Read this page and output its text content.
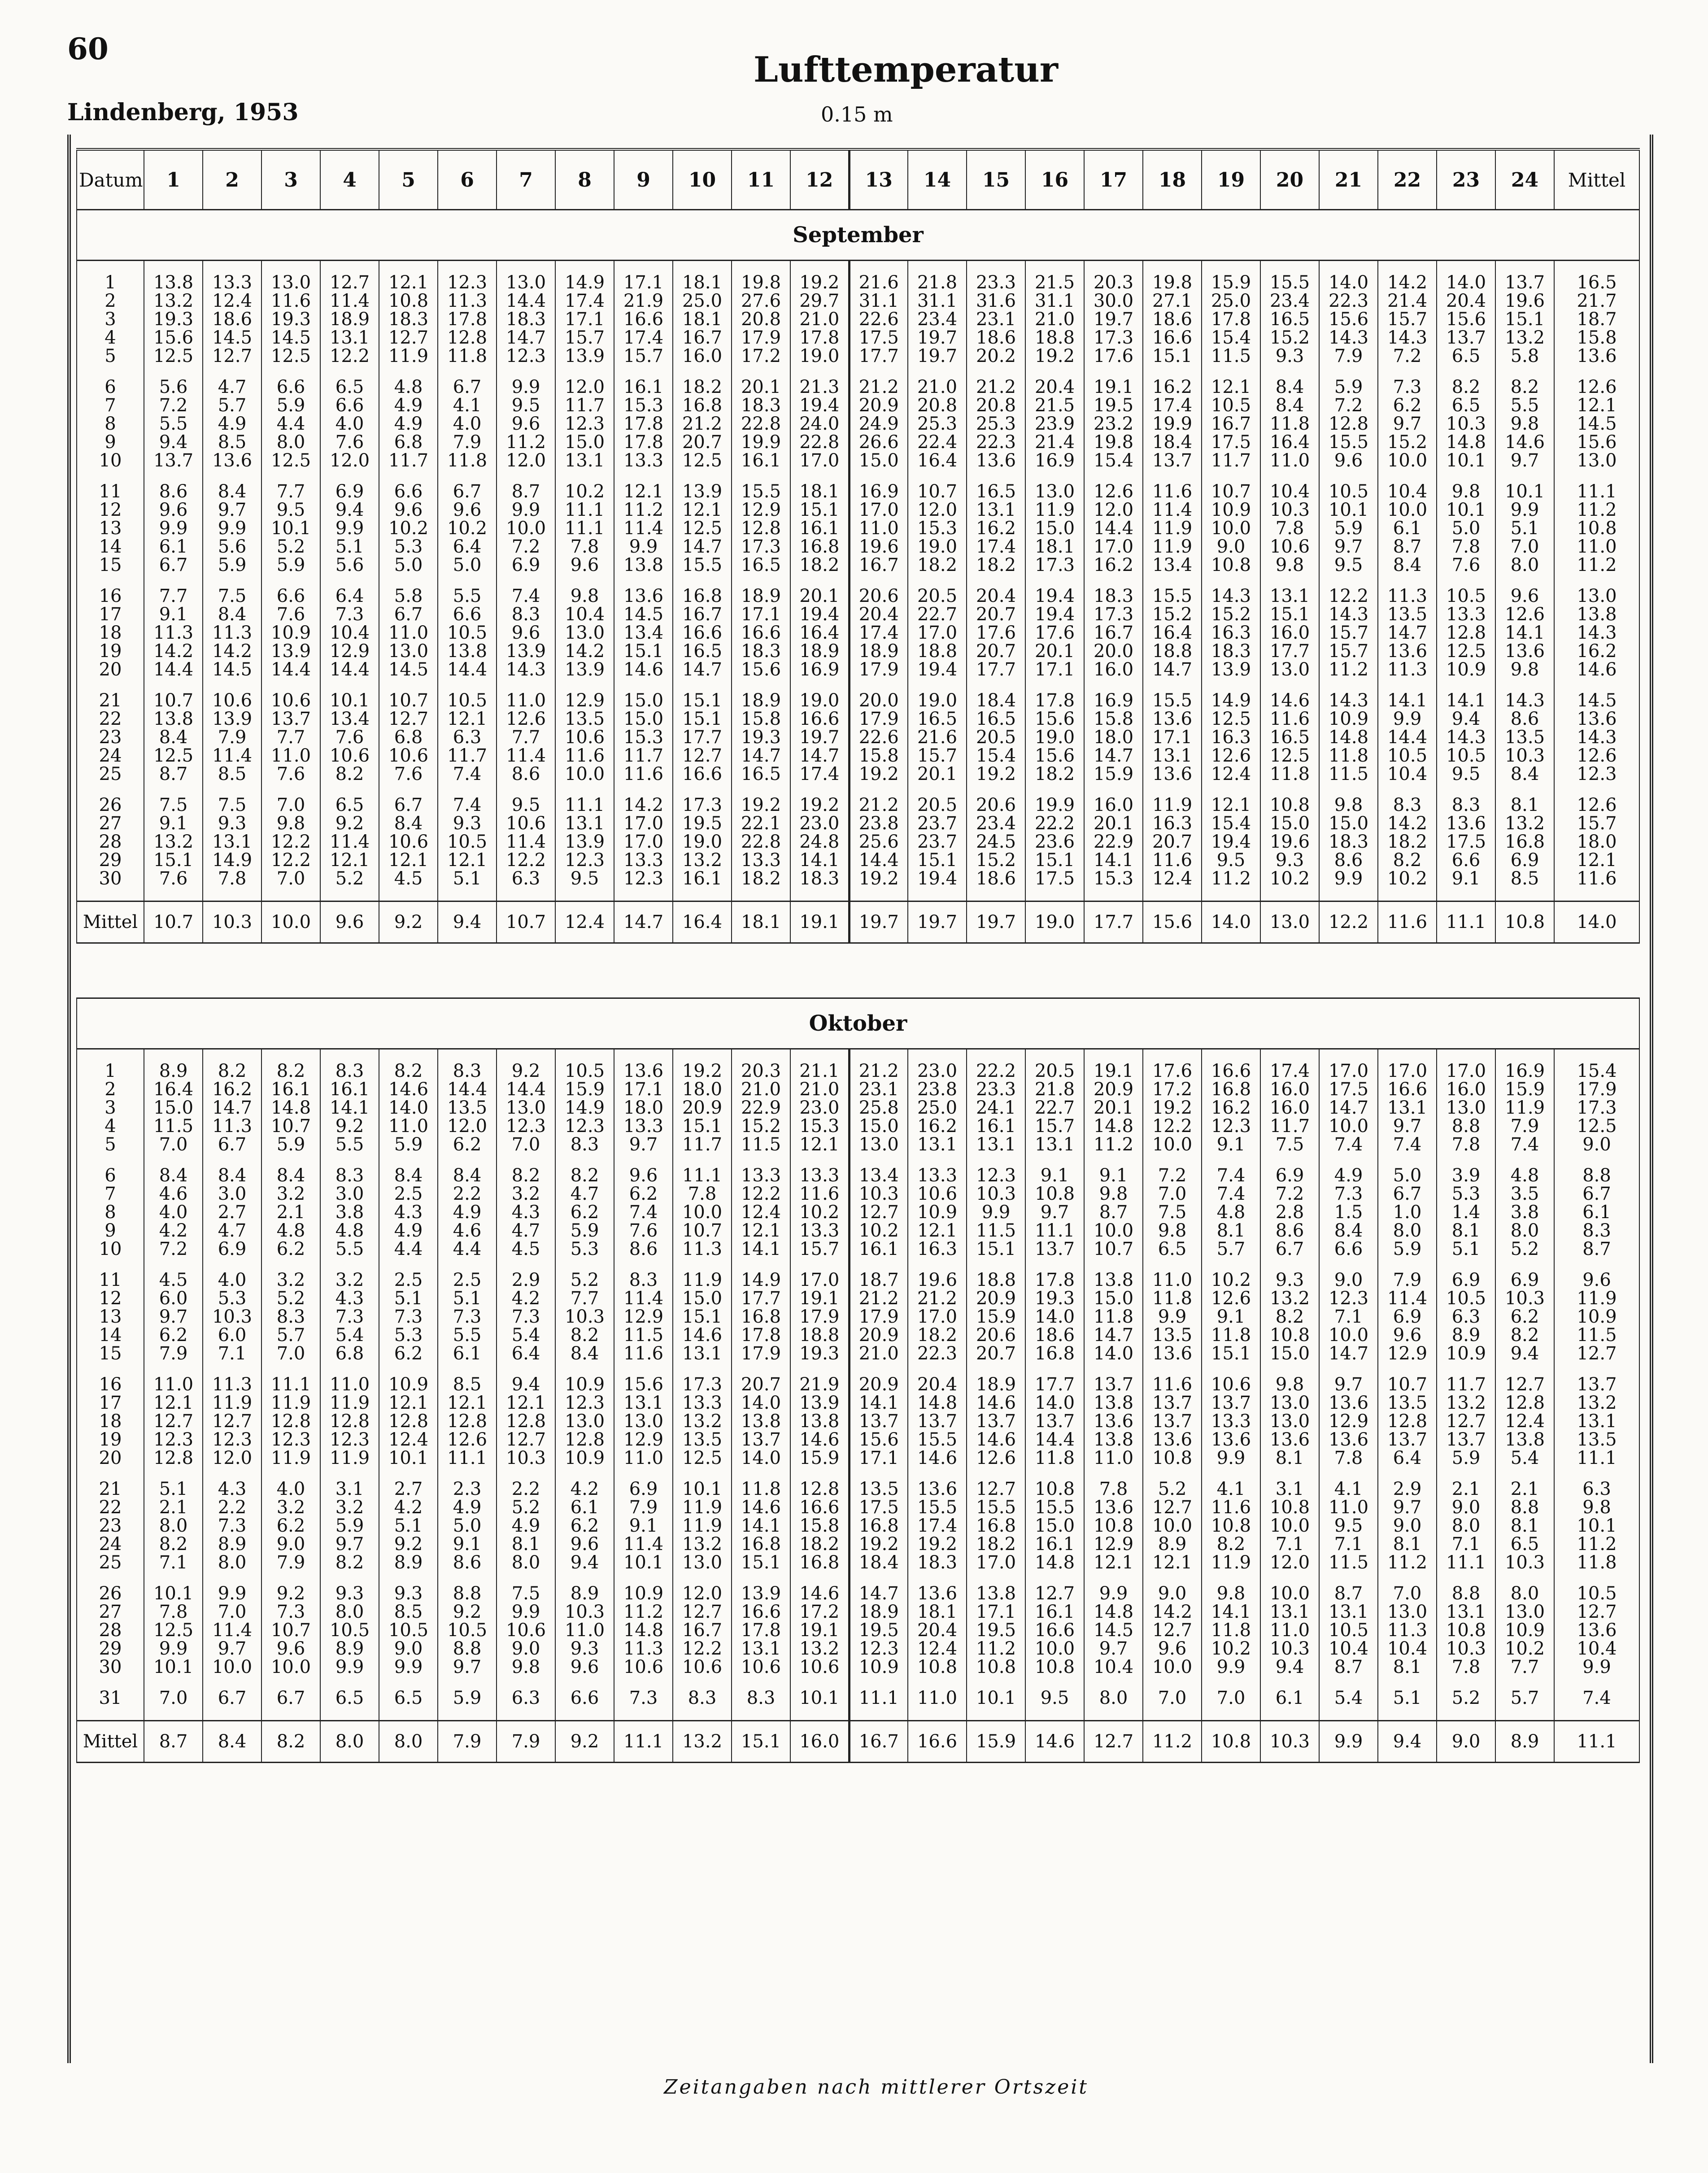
60
Lufttemperatur
Lindenberg, 1953	0.15 m
Datum	1	2	3	4	5	6	7	8	9	10	11	12	13	14	15	16	17	18	19	20	21	22	23	24	Mittel
September																									

1	13.8	13.3	13.0	12.7	12.1	12.3	13.0	14.9	17.1	18.1	19.8	19.2	21.6	21.8	23.3	21.5	20.3	19.8	15.9	15.5	14.0	14.2	14.0	13.7	16.5
2	13.2	12.4	11.6	11.4	10.8	11.3	14.4	17.4	21.9	25.0	27.6	29.7	31.1	31.1	31.6	31.1	30.0	27.1	25.0	23.4	22.3	21.4	20.4	19.6	21.7
3	19.3	18.6	19.3	18.9	18.3	17.8	18.3	17.1	16.6	18.1	20.8	21.0	22.6	23.4	23.1	21.0	19.7	18.6	17.8	16.5	15.6	15.7	15.6	15.1	18.7
4	15.6	14.5	14.5	13.1	12.7	12.8	14.7	15.7	17.4	16.7	17.9	17.8	17.5	19.7	18.6	18.8	17.3	16.6	15.4	15.2	14.3	14.3	13.7	13.2	15.8
5	12.5	12.7	12.5	12.2	11.9	11.8	12.3	13.9	15.7	16.0	17.2	19.0	17.7	19.7	20.2	19.2	17.6	15.1	11.5	9.3	7.9	7.2	6.5	5.8	13.6

6	5.6	4.7	6.6	6.5	4.8	6.7	9.9	12.0	16.1	18.2	20.1	21.3	21.2	21.0	21.2	20.4	19.1	16.2	12.1	8.4	5.9	7.3	8.2	8.2	12.6
7	7.2	5.7	5.9	6.6	4.9	4.1	9.5	11.7	15.3	16.8	18.3	19.4	20.9	20.8	20.8	21.5	19.5	17.4	10.5	8.4	7.2	6.2	6.5	5.5	12.1
8	5.5	4.9	4.4	4.0	4.9	4.0	9.6	12.3	17.8	21.2	22.8	24.0	24.9	25.3	25.3	23.9	23.2	19.9	16.7	11.8	12.8	9.7	10.3	9.8	14.5
9	9.4	8.5	8.0	7.6	6.8	7.9	11.2	15.0	17.8	20.7	19.9	22.8	26.6	22.4	22.3	21.4	19.8	18.4	17.5	16.4	15.5	15.2	14.8	14.6	15.6
10	13.7	13.6	12.5	12.0	11.7	11.8	12.0	13.1	13.3	12.5	16.1	17.0	15.0	16.4	13.6	16.9	15.4	13.7	11.7	11.0	9.6	10.0	10.1	9.7	13.0

11	8.6	8.4	7.7	6.9	6.6	6.7	8.7	10.2	12.1	13.9	15.5	18.1	16.9	10.7	16.5	13.0	12.6	11.6	10.7	10.4	10.5	10.4	9.8	10.1	11.1
12	9.6	9.7	9.5	9.4	9.6	9.6	9.9	11.1	11.2	12.1	12.9	15.1	17.0	12.0	13.1	11.9	12.0	11.4	10.9	10.3	10.1	10.0	10.1	9.9	11.2
13	9.9	9.9	10.1	9.9	10.2	10.2	10.0	11.1	11.4	12.5	12.8	16.1	11.0	15.3	16.2	15.0	14.4	11.9	10.0	7.8	5.9	6.1	5.0	5.1	10.8
14	6.1	5.6	5.2	5.1	5.3	6.4	7.2	7.8	9.9	14.7	17.3	16.8	19.6	19.0	17.4	18.1	17.0	11.9	9.0	10.6	9.7	8.7	7.8	7.0	11.0
15	6.7	5.9	5.9	5.6	5.0	5.0	6.9	9.6	13.8	15.5	16.5	18.2	16.7	18.2	18.2	17.3	16.2	13.4	10.8	9.8	9.5	8.4	7.6	8.0	11.2

16	7.7	7.5	6.6	6.4	5.8	5.5	7.4	9.8	13.6	16.8	18.9	20.1	20.6	20.5	20.4	19.4	18.3	15.5	14.3	13.1	12.2	11.3	10.5	9.6	13.0
17	9.1	8.4	7.6	7.3	6.7	6.6	8.3	10.4	14.5	16.7	17.1	19.4	20.4	22.7	20.7	19.4	17.3	15.2	15.2	15.1	14.3	13.5	13.3	12.6	13.8
18	11.3	11.3	10.9	10.4	11.0	10.5	9.6	13.0	13.4	16.6	16.6	16.4	17.4	17.0	17.6	17.6	16.7	16.4	16.3	16.0	15.7	14.7	12.8	14.1	14.3
19	14.2	14.2	13.9	12.9	13.0	13.8	13.9	14.2	15.1	16.5	18.3	18.9	18.9	18.8	20.7	20.1	20.0	18.8	18.3	17.7	15.7	13.6	12.5	13.6	16.2
20	14.4	14.5	14.4	14.4	14.5	14.4	14.3	13.9	14.6	14.7	15.6	16.9	17.9	19.4	17.7	17.1	16.0	14.7	13.9	13.0	11.2	11.3	10.9	9.8	14.6

21	10.7	10.6	10.6	10.1	10.7	10.5	11.0	12.9	15.0	15.1	18.9	19.0	20.0	19.0	18.4	17.8	16.9	15.5	14.9	14.6	14.3	14.1	14.1	14.3	14.5
22	13.8	13.9	13.7	13.4	12.7	12.1	12.6	13.5	15.0	15.1	15.8	16.6	17.9	16.5	16.5	15.6	15.8	13.6	12.5	11.6	10.9	9.9	9.4	8.6	13.6
23	8.4	7.9	7.7	7.6	6.8	6.3	7.7	10.6	15.3	17.7	19.3	19.7	22.6	21.6	20.5	19.0	18.0	17.1	16.3	16.5	14.8	14.4	14.3	13.5	14.3
24	12.5	11.4	11.0	10.6	10.6	11.7	11.4	11.6	11.7	12.7	14.7	14.7	15.8	15.7	15.4	15.6	14.7	13.1	12.6	12.5	11.8	10.5	10.5	10.3	12.6
25	8.7	8.5	7.6	8.2	7.6	7.4	8.6	10.0	11.6	16.6	16.5	17.4	19.2	20.1	19.2	18.2	15.9	13.6	12.4	11.8	11.5	10.4	9.5	8.4	12.3

26	7.5	7.5	7.0	6.5	6.7	7.4	9.5	11.1	14.2	17.3	19.2	19.2	21.2	20.5	20.6	19.9	16.0	11.9	12.1	10.8	9.8	8.3	8.3	8.1	12.6
27	9.1	9.3	9.8	9.2	8.4	9.3	10.6	13.1	17.0	19.5	22.1	23.0	23.8	23.7	23.4	22.2	20.1	16.3	15.4	15.0	15.0	14.2	13.6	13.2	15.7
28	13.2	13.1	12.2	11.4	10.6	10.5	11.4	13.9	17.0	19.0	22.8	24.8	25.6	23.7	24.5	23.6	22.9	20.7	19.4	19.6	18.3	18.2	17.5	16.8	18.0
29	15.1	14.9	12.2	12.1	12.1	12.1	12.2	12.3	13.3	13.2	13.3	14.1	14.4	15.1	15.2	15.1	14.1	11.6	9.5	9.3	8.6	8.2	6.6	6.9	12.1
30	7.6	7.8	7.0	5.2	4.5	5.1	6.3	9.5	12.3	16.1	18.2	18.3	19.2	19.4	18.6	17.5	15.3	12.4	11.2	10.2	9.9	10.2	9.1	8.5	11.6

Mittel	10.7	10.3	10.0	9.6	9.2	9.4	10.7	12.4	14.7	16.4	18.1	19.1	19.7	19.7	19.7	19.0	17.7	15.6	14.0	13.0	12.2	11.6	11.1	10.8	14.0

Oktober																									

1	8.9	8.2	8.2	8.3	8.2	8.3	9.2	10.5	13.6	19.2	20.3	21.1	21.2	23.0	22.2	20.5	19.1	17.6	16.6	17.4	17.0	17.0	17.0	16.9	15.4
2	16.4	16.2	16.1	16.1	14.6	14.4	14.4	15.9	17.1	18.0	21.0	21.0	23.1	23.8	23.3	21.8	20.9	17.2	16.8	16.0	17.5	16.6	16.0	15.9	17.9
3	15.0	14.7	14.8	14.1	14.0	13.5	13.0	14.9	18.0	20.9	22.9	23.0	25.8	25.0	24.1	22.7	20.1	19.2	16.2	16.0	14.7	13.1	13.0	11.9	17.3
4	11.5	11.3	10.7	9.2	11.0	12.0	12.3	12.3	13.3	15.1	15.2	15.3	15.0	16.2	16.1	15.7	14.8	12.2	12.3	11.7	10.0	9.7	8.8	7.9	12.5
5	7.0	6.7	5.9	5.5	5.9	6.2	7.0	8.3	9.7	11.7	11.5	12.1	13.0	13.1	13.1	13.1	11.2	10.0	9.1	7.5	7.4	7.4	7.8	7.4	9.0

6	8.4	8.4	8.4	8.3	8.4	8.4	8.2	8.2	9.6	11.1	13.3	13.3	13.4	13.3	12.3	9.1	9.1	7.2	7.4	6.9	4.9	5.0	3.9	4.8	8.8
7	4.6	3.0	3.2	3.0	2.5	2.2	3.2	4.7	6.2	7.8	12.2	11.6	10.3	10.6	10.3	10.8	9.8	7.0	7.4	7.2	7.3	6.7	5.3	3.5	6.7
8	4.0	2.7	2.1	3.8	4.3	4.9	4.3	6.2	7.4	10.0	12.4	10.2	12.7	10.9	9.9	9.7	8.7	7.5	4.8	2.8	1.5	1.0	1.4	3.8	6.1
9	4.2	4.7	4.8	4.8	4.9	4.6	4.7	5.9	7.6	10.7	12.1	13.3	10.2	12.1	11.5	11.1	10.0	9.8	8.1	8.6	8.4	8.0	8.1	8.0	8.3
10	7.2	6.9	6.2	5.5	4.4	4.4	4.5	5.3	8.6	11.3	14.1	15.7	16.1	16.3	15.1	13.7	10.7	6.5	5.7	6.7	6.6	5.9	5.1	5.2	8.7

11	4.5	4.0	3.2	3.2	2.5	2.5	2.9	5.2	8.3	11.9	14.9	17.0	18.7	19.6	18.8	17.8	13.8	11.0	10.2	9.3	9.0	7.9	6.9	6.9	9.6
12	6.0	5.3	5.2	4.3	5.1	5.1	4.2	7.7	11.4	15.0	17.7	19.1	21.2	21.2	20.9	19.3	15.0	11.8	12.6	13.2	12.3	11.4	10.5	10.3	11.9
13	9.7	10.3	8.3	7.3	7.3	7.3	7.3	10.3	12.9	15.1	16.8	17.9	17.9	17.0	15.9	14.0	11.8	9.9	9.1	8.2	7.1	6.9	6.3	6.2	10.9
14	6.2	6.0	5.7	5.4	5.3	5.5	5.4	8.2	11.5	14.6	17.8	18.8	20.9	18.2	20.6	18.6	14.7	13.5	11.8	10.8	10.0	9.6	8.9	8.2	11.5
15	7.9	7.1	7.0	6.8	6.2	6.1	6.4	8.4	11.6	13.1	17.9	19.3	21.0	22.3	20.7	16.8	14.0	13.6	15.1	15.0	14.7	12.9	10.9	9.4	12.7

16	11.0	11.3	11.1	11.0	10.9	8.5	9.4	10.9	15.6	17.3	20.7	21.9	20.9	20.4	18.9	17.7	13.7	11.6	10.6	9.8	9.7	10.7	11.7	12.7	13.7
17	12.1	11.9	11.9	11.9	12.1	12.1	12.1	12.3	13.1	13.3	14.0	13.9	14.1	14.8	14.6	14.0	13.8	13.7	13.7	13.0	13.6	13.5	13.2	12.8	13.2
18	12.7	12.7	12.8	12.8	12.8	12.8	12.8	13.0	13.0	13.2	13.8	13.8	13.7	13.7	13.7	13.7	13.6	13.7	13.3	13.0	12.9	12.8	12.7	12.4	13.1
19	12.3	12.3	12.3	12.3	12.4	12.6	12.7	12.8	12.9	13.5	13.7	14.6	15.6	15.5	14.6	14.4	13.8	13.6	13.6	13.6	13.6	13.7	13.7	13.8	13.5
20	12.8	12.0	11.9	11.9	10.1	11.1	10.3	10.9	11.0	12.5	14.0	15.9	17.1	14.6	12.6	11.8	11.0	10.8	9.9	8.1	7.8	6.4	5.9	5.4	11.1

21	5.1	4.3	4.0	3.1	2.7	2.3	2.2	4.2	6.9	10.1	11.8	12.8	13.5	13.6	12.7	10.8	7.8	5.2	4.1	3.1	4.1	2.9	2.1	2.1	6.3
22	2.1	2.2	3.2	3.2	4.2	4.9	5.2	6.1	7.9	11.9	14.6	16.6	17.5	15.5	15.5	15.5	13.6	12.7	11.6	10.8	11.0	9.7	9.0	8.8	9.8
23	8.0	7.3	6.2	5.9	5.1	5.0	4.9	6.2	9.1	11.9	14.1	15.8	16.8	17.4	16.8	15.0	10.8	10.0	10.8	10.0	9.5	9.0	8.0	8.1	10.1
24	8.2	8.9	9.0	9.7	9.2	9.1	8.1	9.6	11.4	13.2	16.8	18.2	19.2	19.2	18.2	16.1	12.9	8.9	8.2	7.1	7.1	8.1	7.1	6.5	11.2
25	7.1	8.0	7.9	8.2	8.9	8.6	8.0	9.4	10.1	13.0	15.1	16.8	18.4	18.3	17.0	14.8	12.1	12.1	11.9	12.0	11.5	11.2	11.1	10.3	11.8

26	10.1	9.9	9.2	9.3	9.3	8.8	7.5	8.9	10.9	12.0	13.9	14.6	14.7	13.6	13.8	12.7	9.9	9.0	9.8	10.0	8.7	7.0	8.8	8.0	10.5
27	7.8	7.0	7.3	8.0	8.5	9.2	9.9	10.3	11.2	12.7	16.6	17.2	18.9	18.1	17.1	16.1	14.8	14.2	14.1	13.1	13.1	13.0	13.1	13.0	12.7
28	12.5	11.4	10.7	10.5	10.5	10.5	10.6	11.0	14.8	16.7	17.8	19.1	19.5	20.4	19.5	16.6	14.5	12.7	11.8	11.0	10.5	11.3	10.8	10.9	13.6
29	9.9	9.7	9.6	8.9	9.0	8.8	9.0	9.3	11.3	12.2	13.1	13.2	12.3	12.4	11.2	10.0	9.7	9.6	10.2	10.3	10.4	10.4	10.3	10.2	10.4
30	10.1	10.0	10.0	9.9	9.9	9.7	9.8	9.6	10.6	10.6	10.6	10.6	10.9	10.8	10.8	10.8	10.4	10.0	9.9	9.4	8.7	8.1	7.8	7.7	9.9

31	7.0	6.7	6.7	6.5	6.5	5.9	6.3	6.6	7.3	8.3	8.3	10.1	11.1	11.0	10.1	9.5	8.0	7.0	7.0	6.1	5.4	5.1	5.2	5.7	7.4

Mittel	8.7	8.4	8.2	8.0	8.0	7.9	7.9	9.2	11.1	13.2	15.1	16.0	16.7	16.6	15.9	14.6	12.7	11.2	10.8	10.3	9.9	9.4	9.0	8.9	11.1
Zeitangaben nach mittlerer Ortszeit
